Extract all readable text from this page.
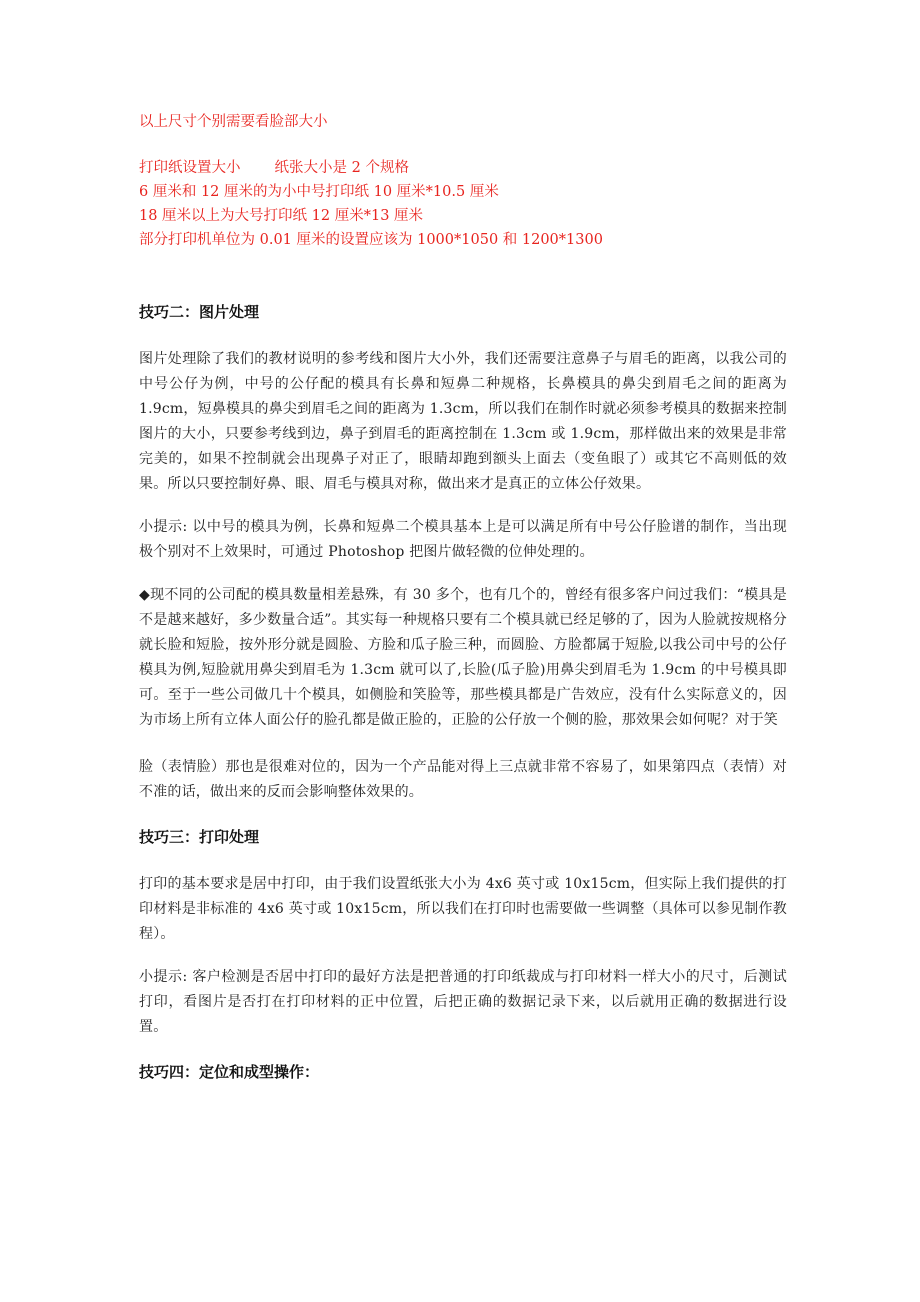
以上尺寸个别需要看脸部大小
打印纸设置大小 纸张大小是 2 个规格
6 厘米和 12 厘米的为小中号打印纸 10 厘米*10.5 厘米
18 厘米以上为大号打印纸 12 厘米*13 厘米
部分打印机单位为 0.01 厘米的设置应该为 1000*1050 和 1200*1300

技巧二：图片处理

图片处理除了我们的教材说明的参考线和图片大小外，我们还需要注意鼻子与眉毛的距离，以我公司的中号公仔为例，中号的公仔配的模具有长鼻和短鼻二种规格，长鼻模具的鼻尖到眉毛之间的距离为 1.9cm，短鼻模具的鼻尖到眉毛之间的距离为 1.3cm，所以我们在制作时就必须参考模具的数据来控制图片的大小，只要参考线到边，鼻子到眉毛的距离控制在 1.3cm 或 1.9cm，那样做出来的效果是非常完美的，如果不控制就会出现鼻子对正了，眼睛却跑到额头上面去（变鱼眼了）或其它不高则低的效果。所以只要控制好鼻、眼、眉毛与模具对称，做出来才是真正的立体公仔效果。

小提示: 以中号的模具为例，长鼻和短鼻二个模具基本上是可以满足所有中号公仔脸谱的制作，当出现极个别对不上效果时，可通过 Photoshop 把图片做轻微的位伸处理的。

◆现不同的公司配的模具数量相差悬殊，有 30 多个，也有几个的，曾经有很多客户问过我们：“模具是不是越来越好，多少数量合适”。其实每一种规格只要有二个模具就已经足够的了，因为人脸就按规格分就长脸和短脸，按外形分就是圆脸、方脸和瓜子脸三种，而圆脸、方脸都属于短脸,以我公司中号的公仔模具为例,短脸就用鼻尖到眉毛为 1.3cm 就可以了,长脸(瓜子脸)用鼻尖到眉毛为 1.9cm 的中号模具即可。至于一些公司做几十个模具，如侧脸和笑脸等，那些模具都是广告效应，没有什么实际意义的，因为市场上所有立体人面公仔的脸孔都是做正脸的，正脸的公仔放一个侧的脸，那效果会如何呢？对于笑

脸（表情脸）那也是很难对位的，因为一个产品能对得上三点就非常不容易了，如果第四点（表情）对不准的话，做出来的反而会影响整体效果的。

技巧三：打印处理

打印的基本要求是居中打印，由于我们设置纸张大小为 4x6 英寸或 10x15cm，但实际上我们提供的打印材料是非标准的 4x6 英寸或 10x15cm，所以我们在打印时也需要做一些调整（具体可以参见制作教程）。

小提示: 客户检测是否居中打印的最好方法是把普通的打印纸裁成与打印材料一样大小的尺寸，后测试打印，看图片是否打在打印材料的正中位置，后把正确的数据记录下来，以后就用正确的数据进行设置。

技巧四：定位和成型操作：
